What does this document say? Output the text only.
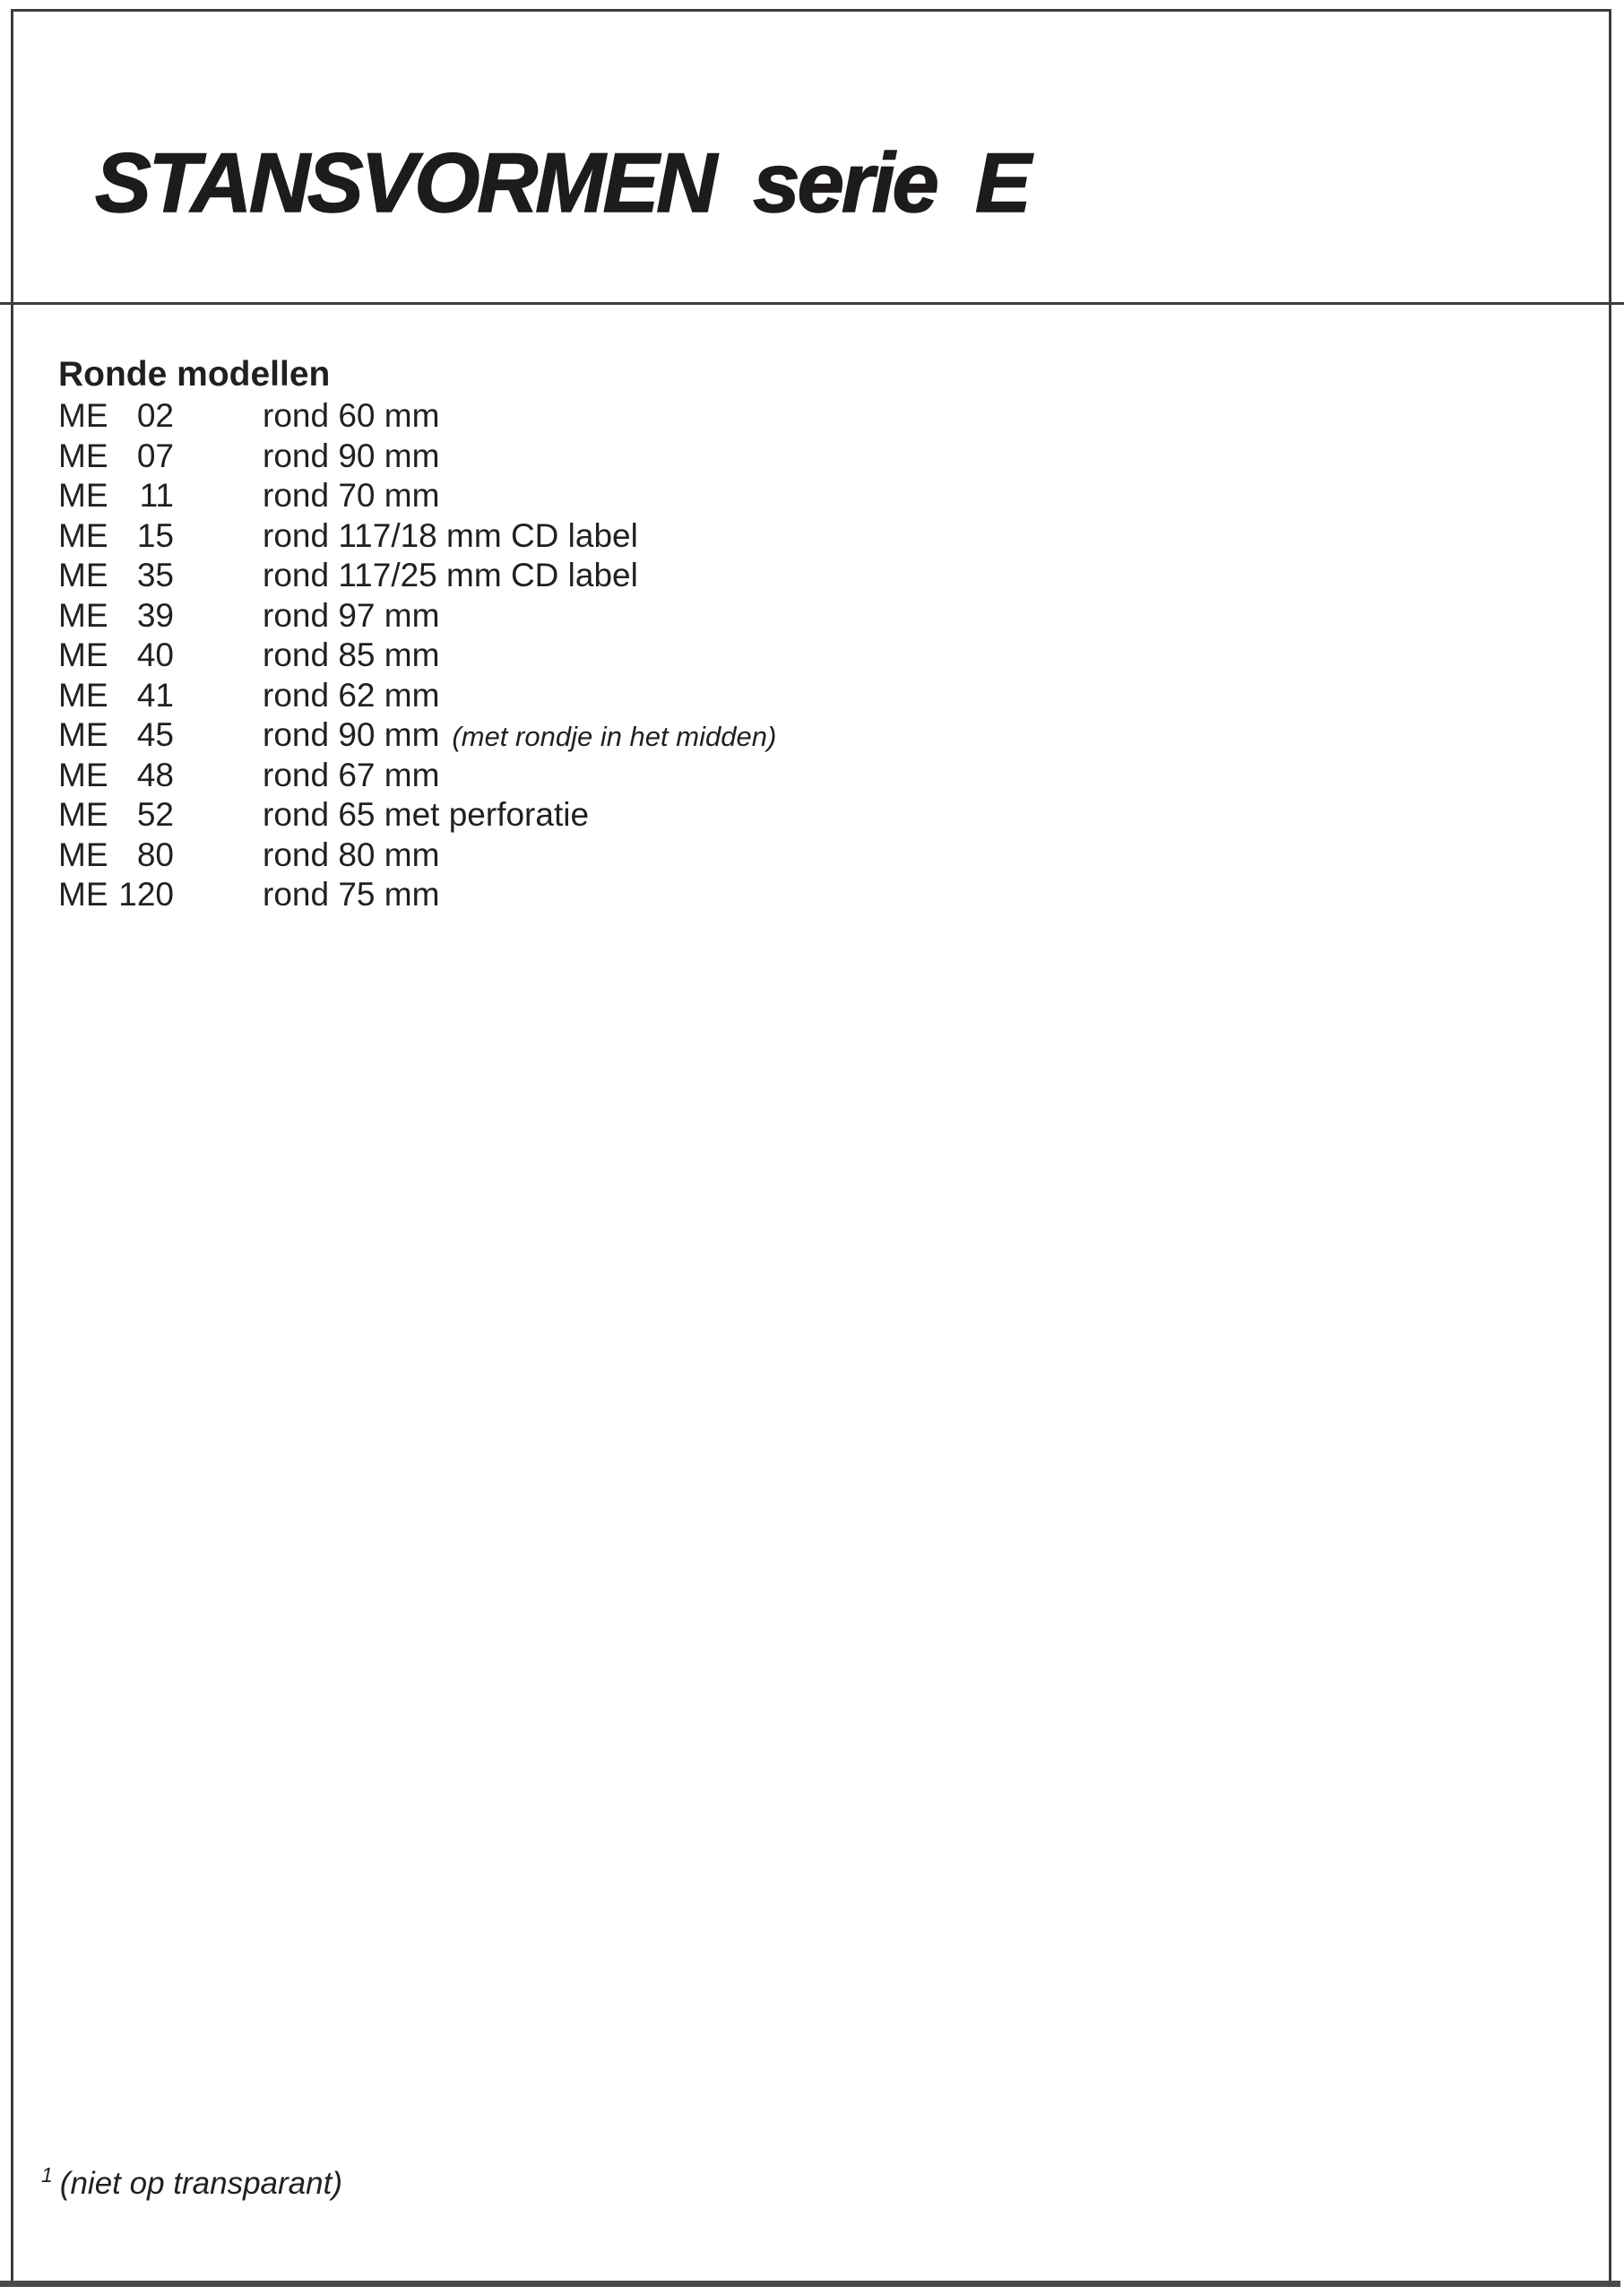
STANSVORMEN serie E
Ronde modellen
ME 02	rond 60 mm
ME 07	rond 90 mm
ME 11	rond 70 mm
ME 15	rond 117/18 mm CD label
ME 35	rond 117/25 mm CD label
ME 39	rond 97 mm
ME 40	rond 85 mm
ME 41	rond 62 mm
ME 45	rond 90 mm (met rondje in het midden)
ME 48	rond 67 mm
ME 52	rond 65 met perforatie
ME 80	rond 80 mm
ME 120	rond 75 mm
$^1$ (niet op transparant)
